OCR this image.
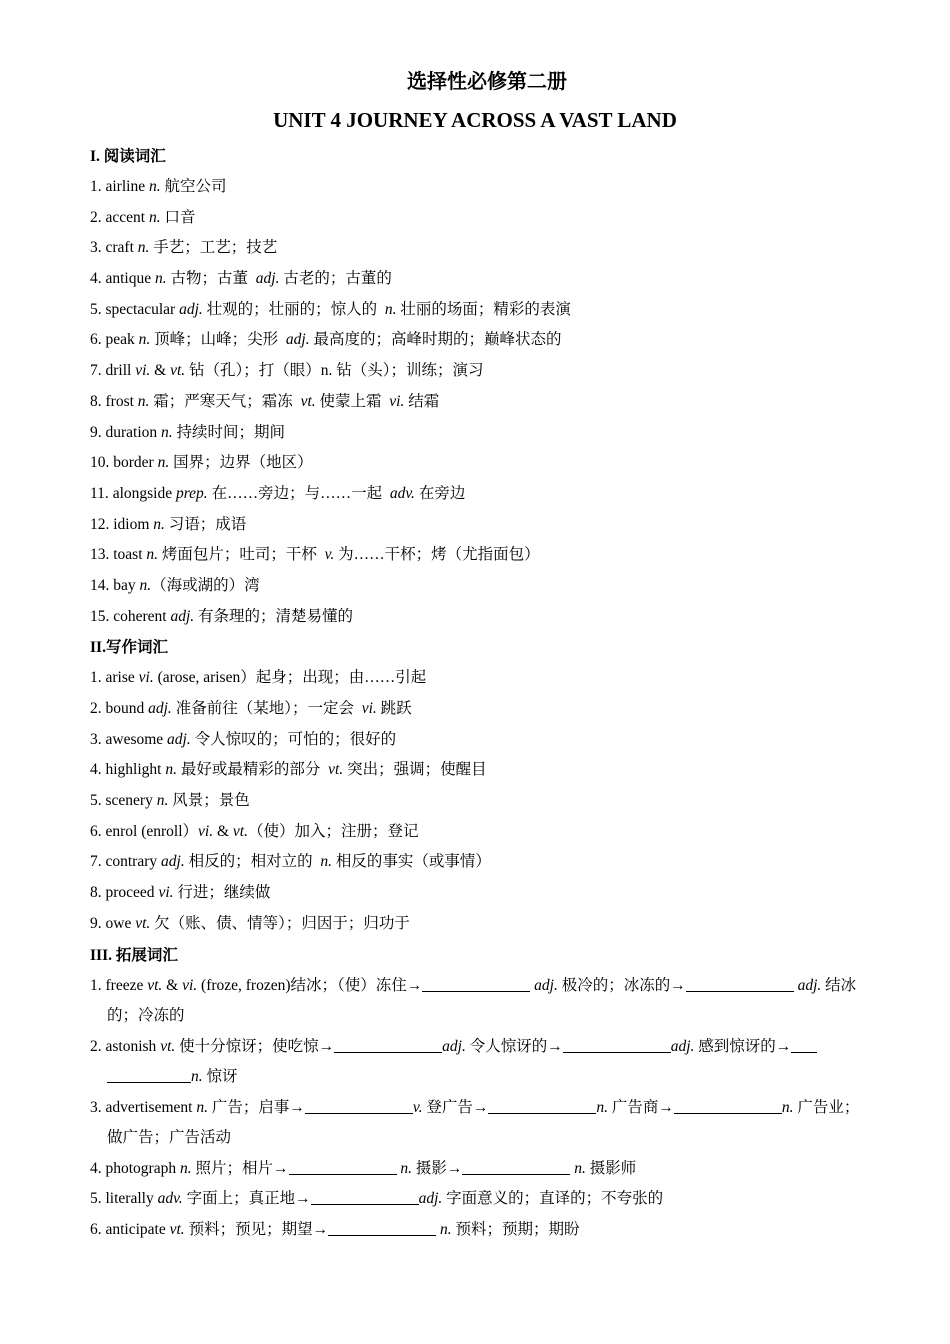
选择性必修第二册
UNIT 4 JOURNEY ACROSS A VAST LAND
I. 阅读词汇
1. airline n. 航空公司
2. accent n. 口音
3. craft n. 手艺；工艺；技艺
4. antique n. 古物；古董 adj. 古老的；古董的
5. spectacular adj. 壮观的；壮丽的；惊人的 n. 壮丽的场面；精彩的表演
6. peak n. 顶峰；山峰；尖形 adj. 最高度的；高峰时期的；巅峰状态的
7. drill vi. & vt. 钻（孔）；打（眼）n. 钻（头）；训练；演习
8. frost n. 霜；严寒天气；霜冻 vt. 使蒙上霜 vi. 结霜
9. duration n. 持续时间；期间
10. border n. 国界；边界（地区）
11. alongside prep. 在……旁边；与……一起 adv. 在旁边
12. idiom n. 习语；成语
13. toast n. 烤面包片；吐司；干杯 v. 为……干杯；烤（尤指面包）
14. bay n.（海或湖的）湾
15. coherent adj. 有条理的；清楚易懂的
II.写作词汇
1. arise vi. (arose, arisen）起身；出现；由……引起
2. bound adj. 准备前往（某地）；一定会 vi. 跳跃
3. awesome adj. 令人惊叹的；可怕的；很好的
4. highlight n. 最好或最精彩的部分 vt. 突出；强调；使醒目
5. scenery n. 风景；景色
6. enrol (enroll）vi. & vt.（使）加入；注册；登记
7. contrary adj. 相反的；相对立的 n. 相反的事实（或事情）
8. proceed vi. 行进；继续做
9. owe vt. 欠（账、债、情等）；归因于；归功于
III. 拓展词汇
1. freeze vt. & vi. (froze, frozen)结冰；（使）冻住→	adj. 极冷的；冰冻的→	adj. 结冰的；冷冻的
2. astonish vt. 使十分惊讶；使吃惊→	adj. 令人惊讶的→	adj. 感到惊讶的→ n. 惊讶
3. advertisement n. 广告；启事→	v. 登广告→	n. 广告商→	n. 广告业；做广告；广告活动
4. photograph n. 照片；相片→	n. 摄影→	n. 摄影师
5. literally adv. 字面上；真正地→	adj. 字面意义的；直译的；不夸张的
6. anticipate vt. 预料；预见；期望→	n. 预料；预期；期盼
